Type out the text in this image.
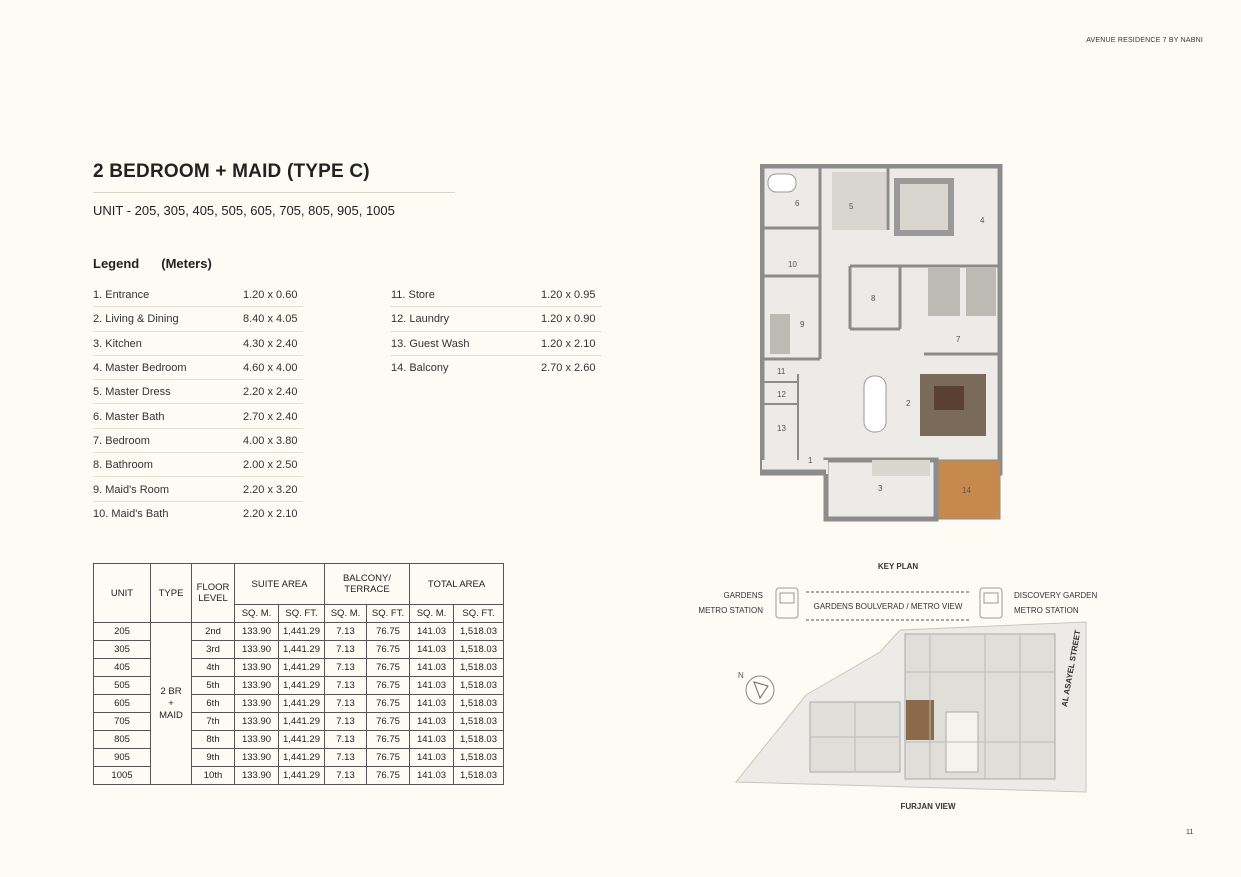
AVENUE RESIDENCE 7 BY NABNI
2 BEDROOM + MAID (TYPE C)
UNIT - 205, 305, 405, 505, 605, 705, 805, 905, 1005
Legend (Meters)
1. Entrance	1.20 x 0.60
2. Living & Dining	8.40 x 4.05
3. Kitchen	4.30 x 2.40
4. Master Bedroom	4.60 x 4.00
5. Master Dress	2.20 x 2.40
6. Master Bath	2.70 x 2.40
7. Bedroom	4.00 x 3.80
8. Bathroom	2.00 x 2.50
9. Maid's Room	2.20 x 3.20
10. Maid's Bath	2.20 x 2.10
11. Store	1.20 x 0.95
12. Laundry	1.20 x 0.90
13. Guest Wash	1.20 x 2.10
14. Balcony	2.70 x 2.60
UNIT	TYPE	FLOOR LEVEL	SUITE AREA		BALCONY/ TERRACE		TOTAL AREA	
			SQ. M.	SQ. FT.	SQ. M.	SQ. FT.	SQ. M.	SQ. FT.
205	2 BR
+
MAID	2nd	133.90	1,441.29	7.13	76.75	141.03	1,518.03
305		3rd	133.90	1,441.29	7.13	76.75	141.03	1,518.03
405		4th	133.90	1,441.29	7.13	76.75	141.03	1,518.03
505		5th	133.90	1,441.29	7.13	76.75	141.03	1,518.03
605		6th	133.90	1,441.29	7.13	76.75	141.03	1,518.03
705		7th	133.90	1,441.29	7.13	76.75	141.03	1,518.03
805		8th	133.90	1,441.29	7.13	76.75	141.03	1,518.03
905		9th	133.90	1,441.29	7.13	76.75	141.03	1,518.03
1005		10th	133.90	1,441.29	7.13	76.75	141.03	1,518.03
1
2
3
4
5
6
7
8
9
10
11
12
13
14
KEY PLAN
GARDENS
METRO STATION	GARDENS BOULVERAD / METRO VIEW
DISCOVERY GARDEN
METRO STATION
N	AL ASAYEL STREET
FURJAN VIEW
11
